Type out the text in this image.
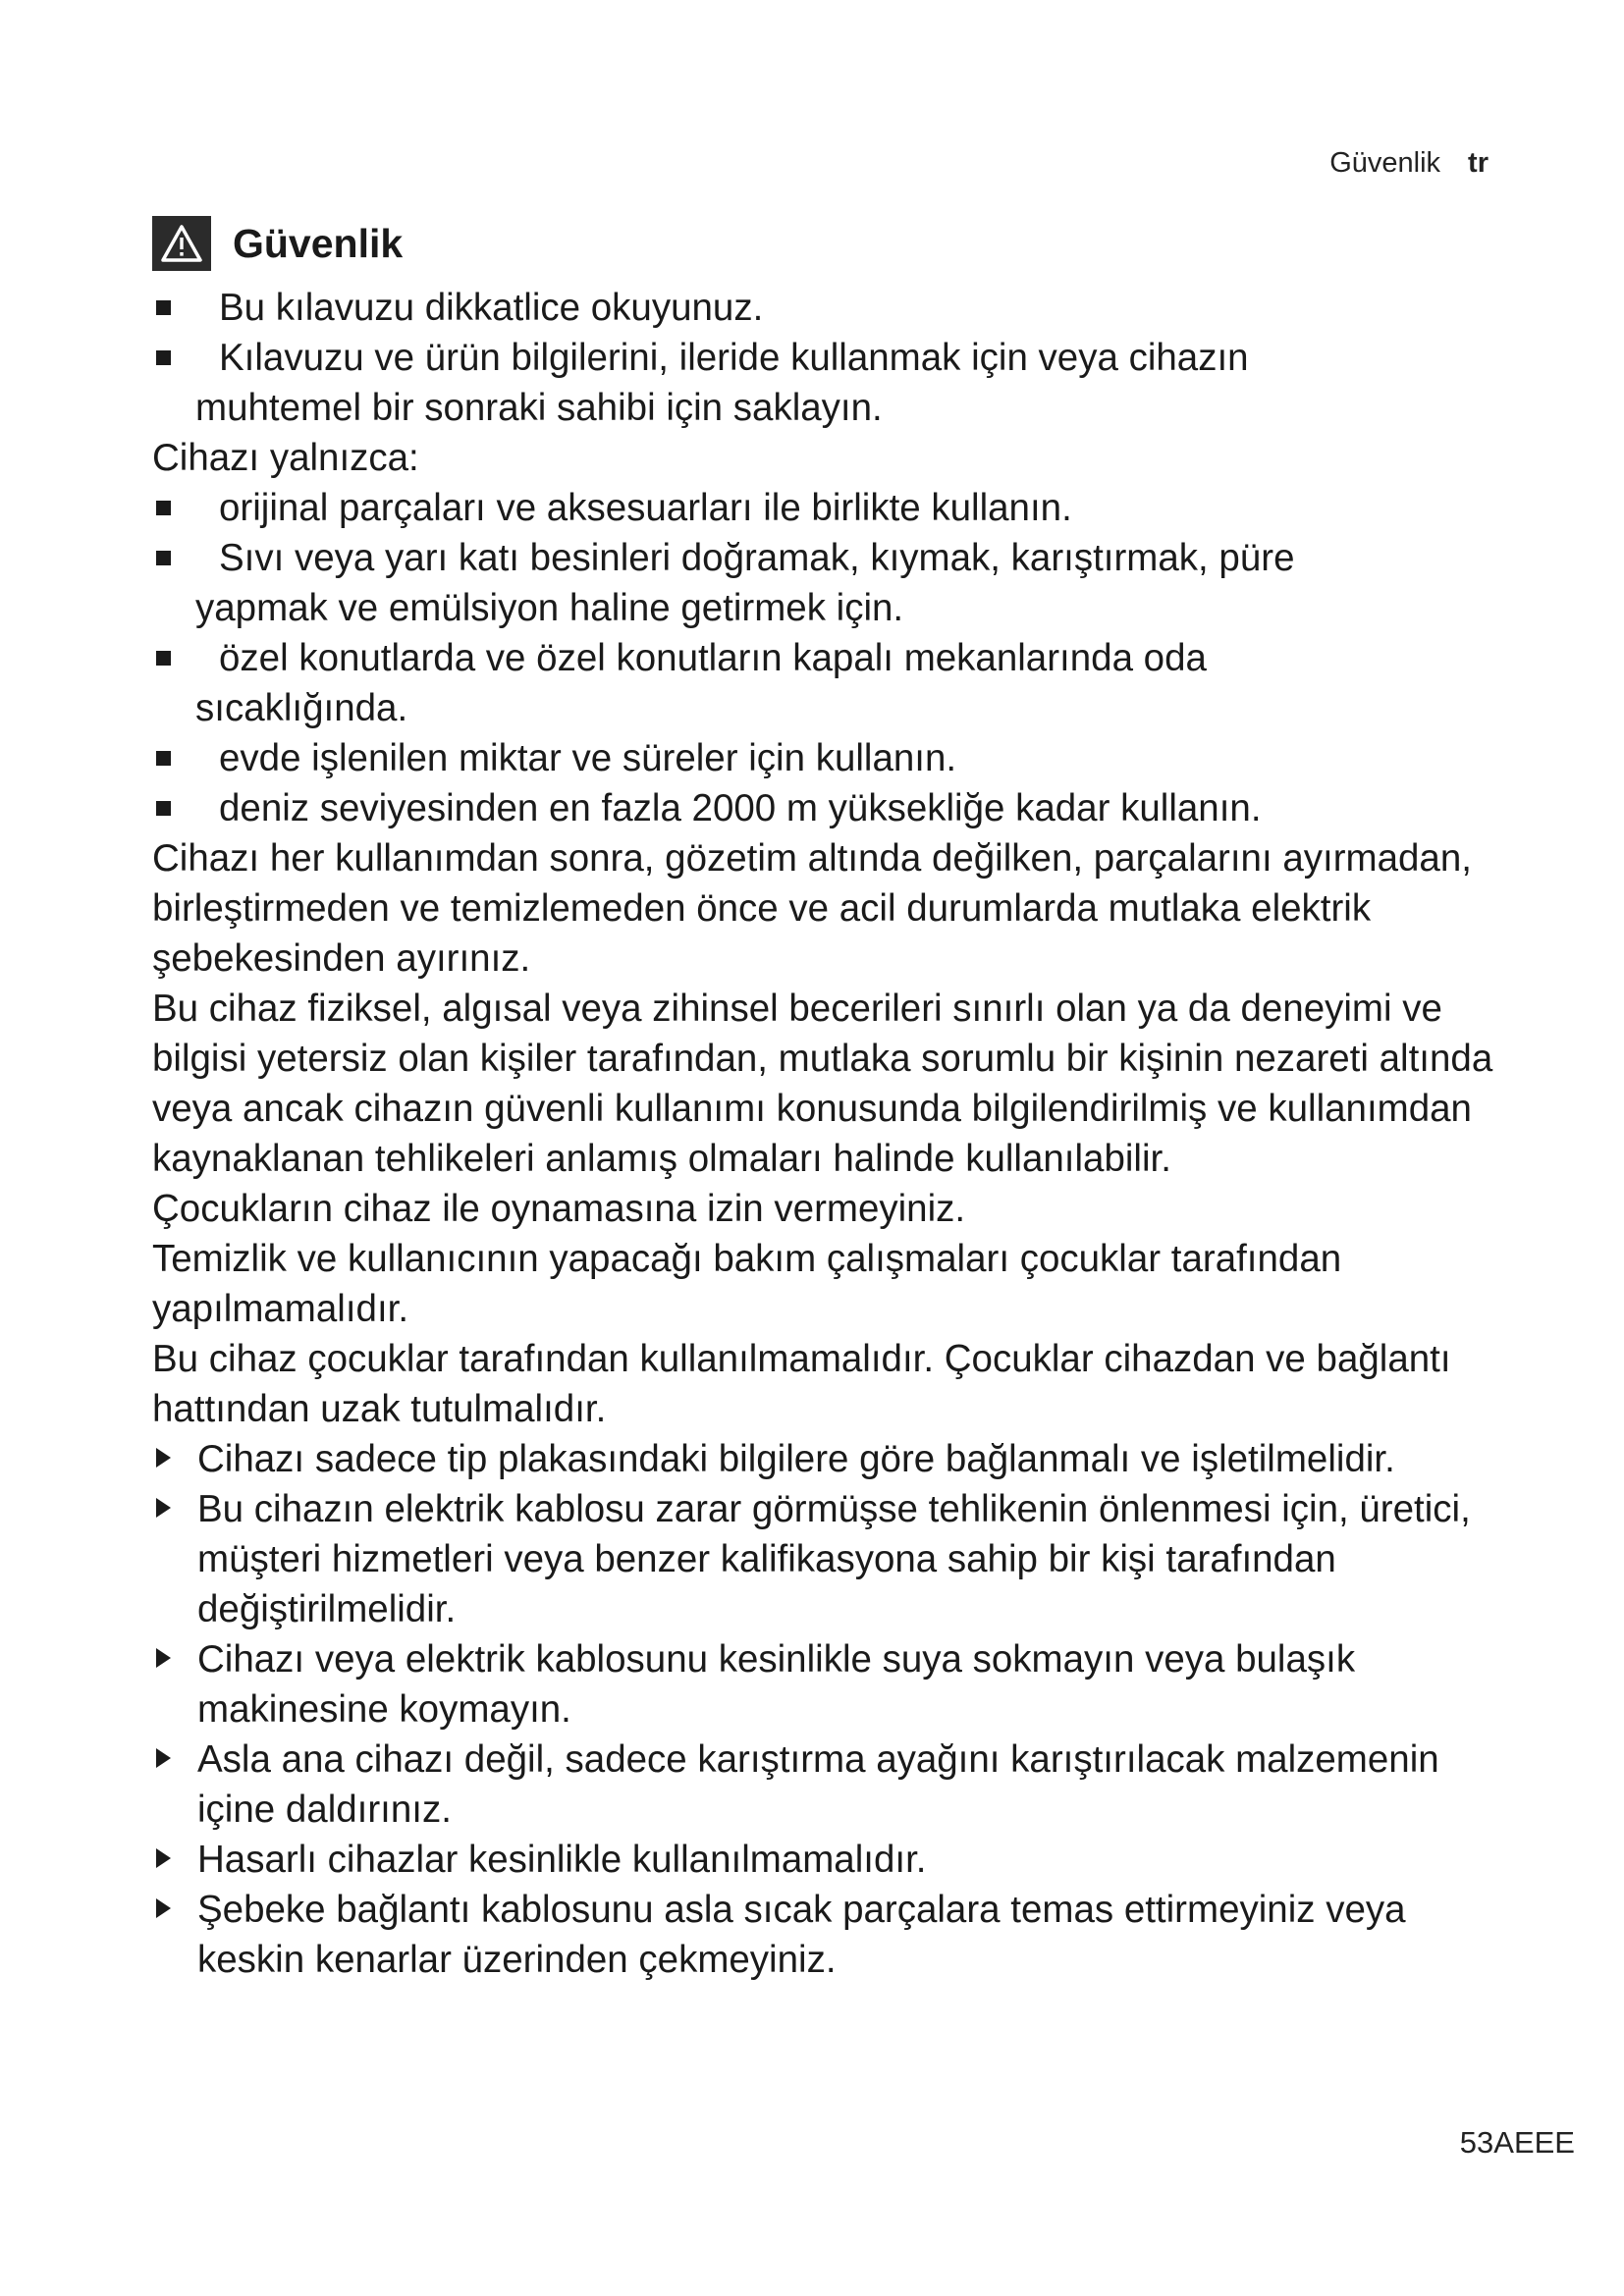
Güvenlik tr
Güvenlik
Bu kılavuzu dikkatlice okuyunuz.
Kılavuzu ve ürün bilgilerini, ileride kullanmak için veya cihazın
muhtemel bir sonraki sahibi için saklayın.
Cihazı yalnızca:
orijinal parçaları ve aksesuarları ile birlikte kullanın.
Sıvı veya yarı katı besinleri doğramak, kıymak, karıştırmak, püre
yapmak ve emülsiyon haline getirmek için.
özel konutlarda ve özel konutların kapalı mekanlarında oda
sıcaklığında.
evde işlenilen miktar ve süreler için kullanın.
deniz seviyesinden en fazla 2000 m yüksekliğe kadar kullanın.
Cihazı her kullanımdan sonra, gözetim altında değilken, parçalarını ayırmadan, birleştirmeden ve temizlemeden önce ve acil durumlarda mutlaka elektrik şebekesinden ayırınız.
Bu cihaz fiziksel, algısal veya zihinsel becerileri sınırlı olan ya da deneyimi ve bilgisi yetersiz olan kişiler tarafından, mutlaka sorumlu bir kişinin nezareti altında veya ancak cihazın güvenli kullanımı konusunda bilgilendirilmiş ve kullanımdan kaynaklanan tehlikeleri anlamış olmaları halinde kullanılabilir.
Çocukların cihaz ile oynamasına izin vermeyiniz.
Temizlik ve kullanıcının yapacağı bakım çalışmaları çocuklar tarafından yapılmamalıdır.
Bu cihaz çocuklar tarafından kullanılmamalıdır. Çocuklar cihazdan ve bağlantı hattından uzak tutulmalıdır.
Cihazı sadece tip plakasındaki bilgilere göre bağlanmalı ve işletilmelidir.
Bu cihazın elektrik kablosu zarar görmüşse tehlikenin önlenmesi için, üretici, müşteri hizmetleri veya benzer kalifikasyona sahip bir kişi tarafından değiştirilmelidir.
Cihazı veya elektrik kablosunu kesinlikle suya sokmayın veya bulaşık makinesine koymayın.
Asla ana cihazı değil, sadece karıştırma ayağını karıştırılacak malzemenin içine daldırınız.
Hasarlı cihazlar kesinlikle kullanılmamalıdır.
Şebeke bağlantı kablosunu asla sıcak parçalara temas ettirmeyiniz veya keskin kenarlar üzerinden çekmeyiniz.
53AEEE
